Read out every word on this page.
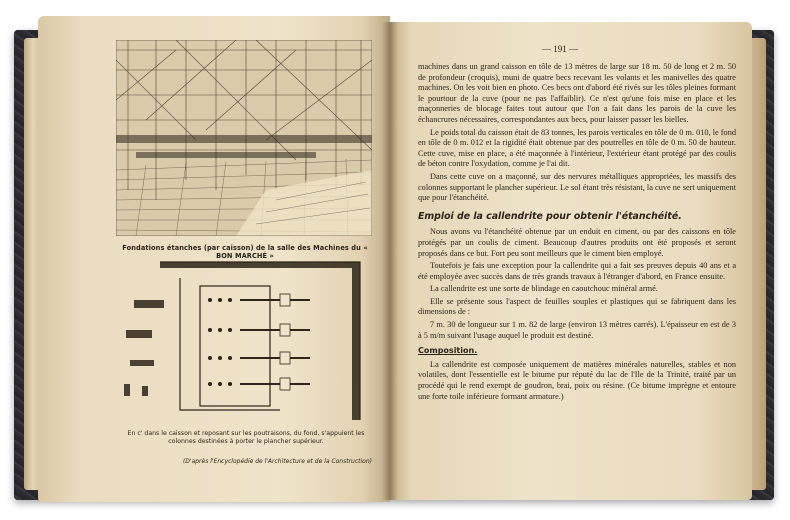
Fondations étanches (par caisson) de la salle des Machines du « BON MARCHÉ »
En c' dans le caisson et reposant sur les poutraisons, du fond, s'appuient les colonnes destinées à porter le plancher supérieur.
(D'après l'Encyclopédie de l'Architecture et de la Construction)
— 191 —

machines dans un grand caisson en tôle de 13 mètres de large sur 18 m. 50 de long et 2 m. 50 de profondeur (croquis), muni de quatre becs recevant les volants et les manivelles des quatre machines. On les voit bien en photo. Ces becs ont d'abord été rivés sur les tôles pleines formant le pourtour de la cuve (pour ne pas l'affaiblir). Ce n'est qu'une fois mise en place et les maçonneries de blocage faites tout autour que l'on a fait dans les parois de la cuve les échancrures nécessaires, correspondantes aux becs, pour laisser passer les bielles.

Le poids total du caisson était de 83 tonnes, les parois verticales en tôle de 0 m. 010, le fond en tôle de 0 m. 012 et la rigidité était obtenue par des poutrelles en tôle de 0 m. 50 de hauteur. Cette cuve, mise en place, a été maçonnée à l'intérieur, l'extérieur étant protégé par des coulis de béton contre l'oxydation, comme je l'ai dit.

Dans cette cuve on a maçonné, sur des nervures métalliques appropriées, les massifs des colonnes supportant le plancher supérieur. Le sol étant très résistant, la cuve ne sert uniquement que pour l'étanchéité.

Emploi de la callendrite pour obtenir l'étanchéité.

Nous avons vu l'étanchéité obtenue par un enduit en ciment, ou par des caissons en tôle protégés par un coulis de ciment. Beaucoup d'autres produits ont été proposés et seront proposés dans ce but. Fort peu sont meilleurs que le ciment bien employé.

Toutefois je fais une exception pour la callendrite qui a fait ses preuves depuis 40 ans et a été employée avec succès dans de très grands travaux à l'étranger d'abord, en France ensuite.

La callendrite est une sorte de blindage en caoutchouc minéral armé.

Elle se présente sous l'aspect de feuilles souples et plastiques qui se fabriquent dans les dimensions de :

7 m. 30 de longueur sur 1 m. 82 de large (environ 13 mètres carrés). L'épaisseur en est de 3 à 5 m/m suivant l'usage auquel le produit est destiné.

Composition.

La callendrite est composée uniquement de matières minérales naturelles, stables et non volatiles, dont l'essentielle est le bitume pur réputé du lac de l'Ile de la Trinité, traité par un procédé qui le rend exempt de goudron, brai, poix ou résine. (Ce bitume imprègne et entoure une forte toile inférieure formant armature.)
